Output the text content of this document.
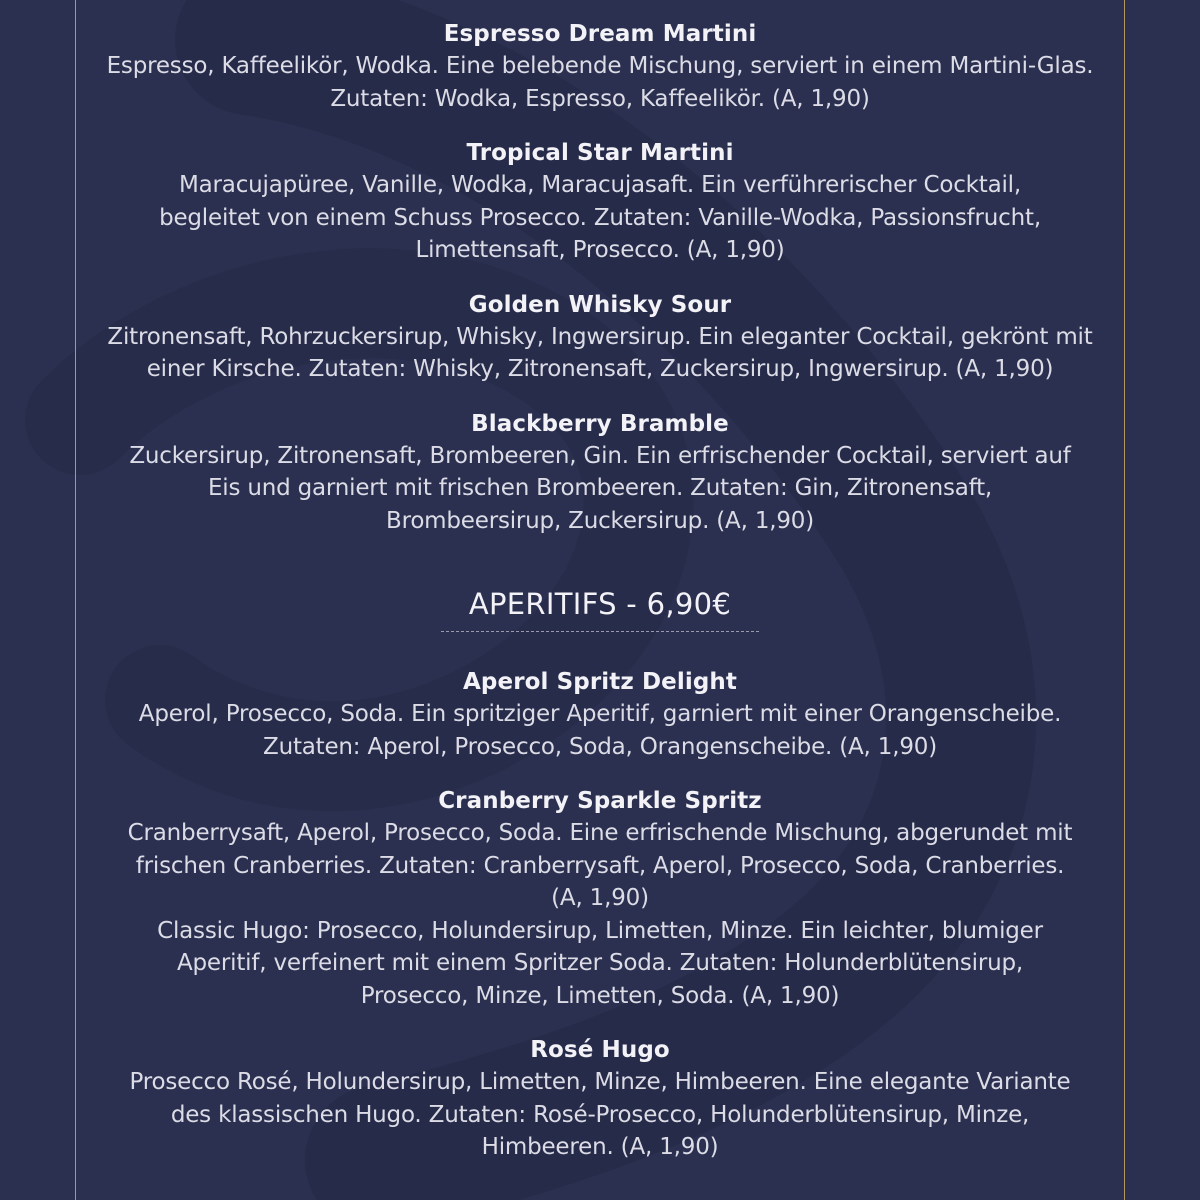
Espresso Dream Martini
Espresso, Kaffeelikör, Wodka. Eine belebende Mischung, serviert in einem Martini-Glas. Zutaten: Wodka, Espresso, Kaffeelikör. (A, 1,90)
Tropical Star Martini
Maracujapüree, Vanille, Wodka, Maracujasaft. Ein verführerischer Cocktail, begleitet von einem Schuss Prosecco. Zutaten: Vanille-Wodka, Passionsfrucht, Limettensaft, Prosecco. (A, 1,90)
Golden Whisky Sour
Zitronensaft, Rohrzuckersirup, Whisky, Ingwersirup. Ein eleganter Cocktail, gekrönt mit einer Kirsche. Zutaten: Whisky, Zitronensaft, Zuckersirup, Ingwersirup. (A, 1,90)
Blackberry Bramble
Zuckersirup, Zitronensaft, Brombeeren, Gin. Ein erfrischender Cocktail, serviert auf Eis und garniert mit frischen Brombeeren. Zutaten: Gin, Zitronensaft, Brombeersirup, Zuckersirup. (A, 1,90)
APERITIFS - 6,90€
Aperol Spritz Delight
Aperol, Prosecco, Soda. Ein spritziger Aperitif, garniert mit einer Orangenscheibe. Zutaten: Aperol, Prosecco, Soda, Orangenscheibe. (A, 1,90)
Cranberry Sparkle Spritz
Cranberrysaft, Aperol, Prosecco, Soda. Eine erfrischende Mischung, abgerundet mit frischen Cranberries. Zutaten: Cranberrysaft, Aperol, Prosecco, Soda, Cranberries. (A, 1,90)
Classic Hugo: Prosecco, Holundersirup, Limetten, Minze. Ein leichter, blumiger Aperitif, verfeinert mit einem Spritzer Soda. Zutaten: Holunderblütensirup, Prosecco, Minze, Limetten, Soda. (A, 1,90)
Rosé Hugo
Prosecco Rosé, Holundersirup, Limetten, Minze, Himbeeren. Eine elegante Variante des klassischen Hugo. Zutaten: Rosé-Prosecco, Holunderblütensirup, Minze, Himbeeren. (A, 1,90)
